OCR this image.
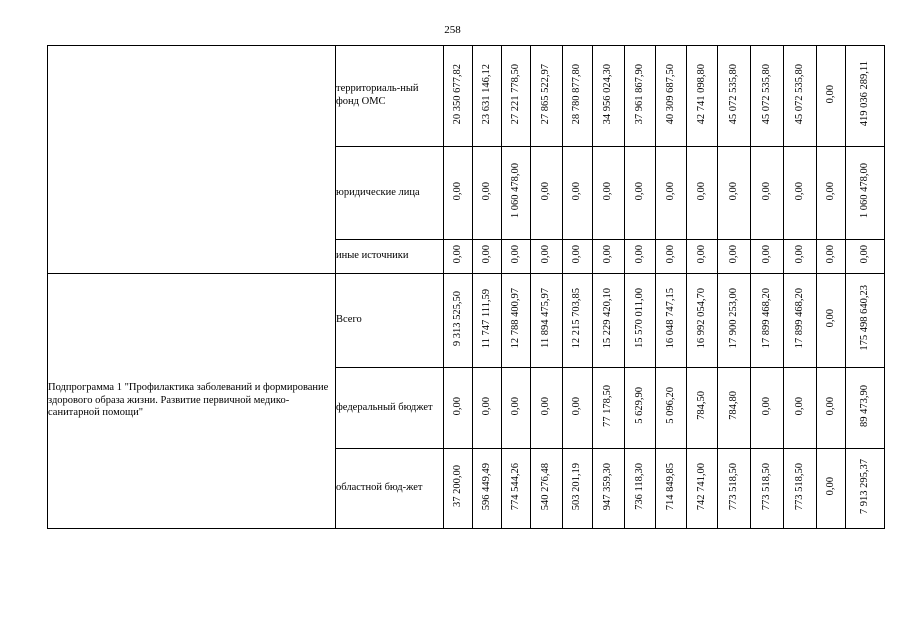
258
	территориаль-ный фонд ОМС	20 350 677,82	23 631 146,12	27 221 778,50	27 865 522,97	28 780 877,80	34 956 024,30	37 961 867,90	40 309 687,50	42 741 098,80	45 072 535,80	45 072 535,80	45 072 535,80	0,00	419 036 289,11
	юридические лица	0,00	0,00	1 060 478,00	0,00	0,00	0,00	0,00	0,00	0,00	0,00	0,00	0,00	0,00	1 060 478,00
	иные источники	0,00	0,00	0,00	0,00	0,00	0,00	0,00	0,00	0,00	0,00	0,00	0,00	0,00	0,00
Подпрограмма 1 "Профилактика заболеваний и формирование здорового образа жизни. Развитие первичной медико-санитарной помощи"	Всего	9 313 525,50	11 747 111,59	12 788 400,97	11 894 475,97	12 215 703,85	15 229 420,10	15 570 011,00	16 048 747,15	16 992 054,70	17 900 253,00	17 899 468,20	17 899 468,20	0,00	175 498 640,23
	федеральный бюджет	0,00	0,00	0,00	0,00	0,00	77 178,50	5 629,90	5 096,20	784,50	784,80	0,00	0,00	0,00	89 473,90
	областной бюд-жет	37 200,00	596 449,49	774 544,26	540 276,48	503 201,19	947 359,30	736 118,30	714 849,85	742 741,00	773 518,50	773 518,50	773 518,50	0,00	7 913 295,37
